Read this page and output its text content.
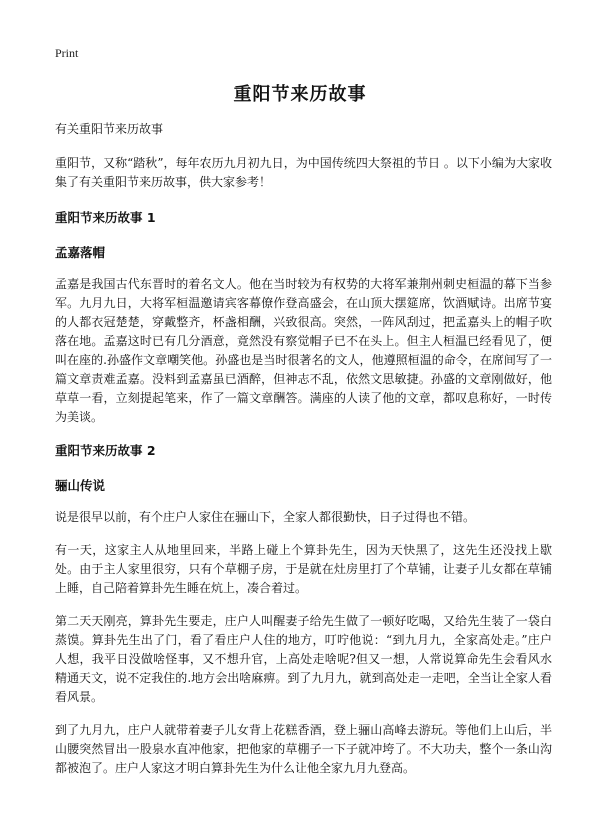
Print
重阳节来历故事

有关重阳节来历故事

重阳节，又称“踏秋”，每年农历九月初九日，为中国传统四大祭祖的节日 。以下小编为大家收集了有关重阳节来历故事，供大家参考！

重阳节来历故事 1

孟嘉落帽

孟嘉是我国古代东晋时的着名文人。他在当时较为有权势的大将军兼荆州刺史桓温的幕下当参军。九月九日，大将军桓温邀请宾客幕僚作登高盛会，在山顶大摆筵席，饮酒赋诗。出席节宴的人都衣冠楚楚，穿戴整齐，杯盏相酬，兴致很高。突然，一阵风刮过，把孟嘉头上的帽子吹落在地。孟嘉这时已有几分酒意，竟然没有察觉帽子已不在头上。但主人桓温已经看见了，便叫在座的.孙盛作文章嘲笑他。孙盛也是当时很著名的文人，他遵照桓温的命令，在席间写了一篇文章责难孟嘉。没料到孟嘉虽已酒醉，但神志不乱，依然文思敏捷。孙盛的文章刚做好，他草草一看，立刻提起笔来，作了一篇文章酬答。满座的人读了他的文章，都叹息称好，一时传为美谈。

重阳节来历故事 2

骊山传说

说是很早以前，有个庄户人家住在骊山下，全家人都很勤快，日子过得也不错。

有一天，这家主人从地里回来，半路上碰上个算卦先生，因为天快黑了，这先生还没找上歇处。由于主人家里很穷，只有个草棚子房，于是就在灶房里打了个草铺，让妻子儿女都在草铺上睡，自己陪着算卦先生睡在炕上，凑合着过。

第二天天刚亮，算卦先生要走，庄户人叫醒妻子给先生做了一顿好吃喝，又给先生装了一袋白蒸馍。算卦先生出了门，看了看庄户人住的地方，叮咛他说：“到九月九，全家高处走。”庄户人想，我平日没做啥怪事，又不想升官，上高处走啥呢?但又一想，人常说算命先生会看风水精通天文，说不定我住的.地方会出啥麻痹。到了九月九，就到高处走一走吧，全当让全家人看看风景。

到了九月九，庄户人就带着妻子儿女背上花糕香酒，登上骊山高峰去游玩。等他们上山后，半山腰突然冒出一股泉水直冲他家，把他家的草棚子一下子就冲垮了。不大功夫，整个一条山沟都被泡了。庄户人家这才明白算卦先生为什么让他全家九月九登高。
